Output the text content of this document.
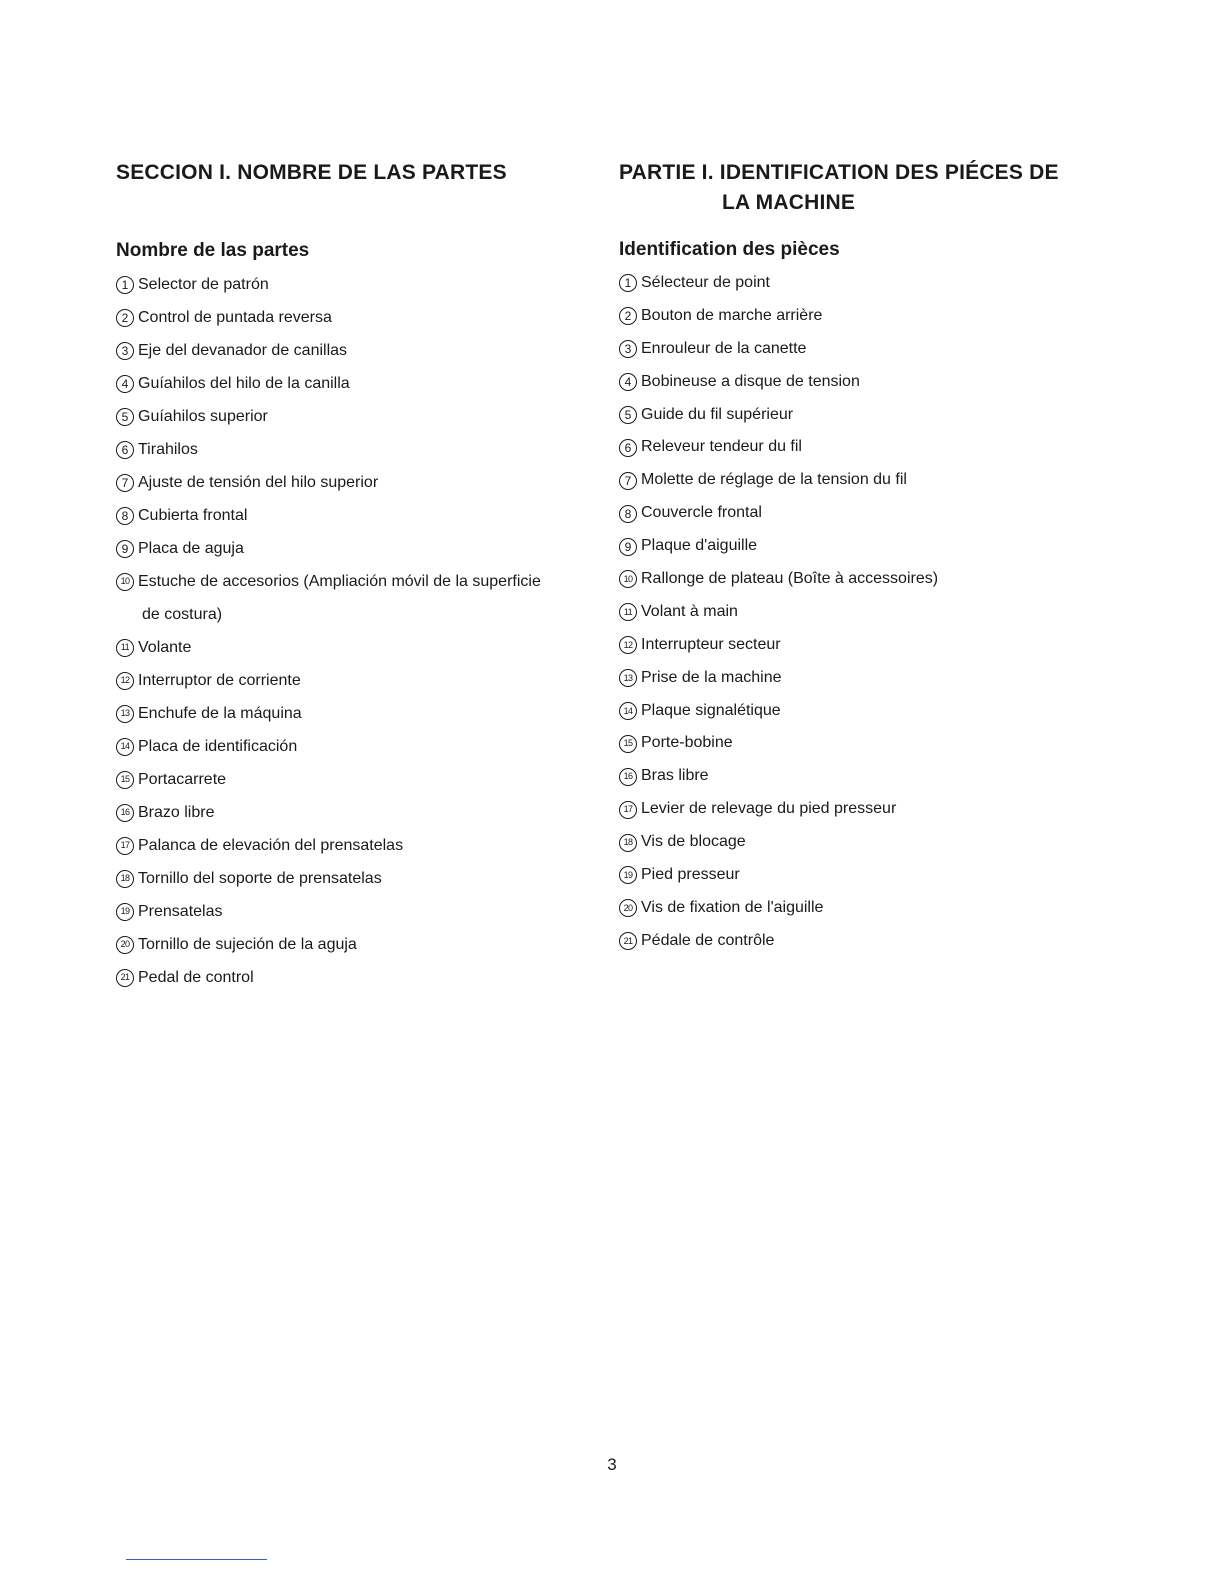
SECCION I. NOMBRE DE LAS PARTES
Nombre de las partes
1 Selector de patrón
2 Control de puntada reversa
3 Eje del devanador de canillas
4 Guíahilos del hilo de la canilla
5 Guíahilos superior
6 Tirahilos
7 Ajuste de tensión del hilo superior
8 Cubierta frontal
9 Placa de aguja
10 Estuche de accesorios (Ampliación móvil de la superficie
de costura)
11 Volante
12 Interruptor de corriente
13 Enchufe de la máquina
14 Placa de identificación
15 Portacarrete
16 Brazo libre
17 Palanca de elevación del prensatelas
18 Tornillo del soporte de prensatelas
19 Prensatelas
20 Tornillo de sujeción de la aguja
21 Pedal de control
PARTIE I. IDENTIFICATION DES PIÉCES DE
LA MACHINE
Identification des pièces
1 Sélecteur de point
2 Bouton de marche arrière
3 Enrouleur de la canette
4 Bobineuse a disque de tension
5 Guide du fil supérieur
6 Releveur tendeur du fil
7 Molette de réglage de la tension du fil
8 Couvercle frontal
9 Plaque d'aiguille
10 Rallonge de plateau (Boîte à accessoires)
11 Volant à main
12 Interrupteur secteur
13 Prise de la machine
14 Plaque signalétique
15 Porte-bobine
16 Bras libre
17 Levier de relevage du pied presseur
18 Vis de blocage
19 Pied presseur
20 Vis de fixation de l'aiguille
21 Pédale de contrôle
3
